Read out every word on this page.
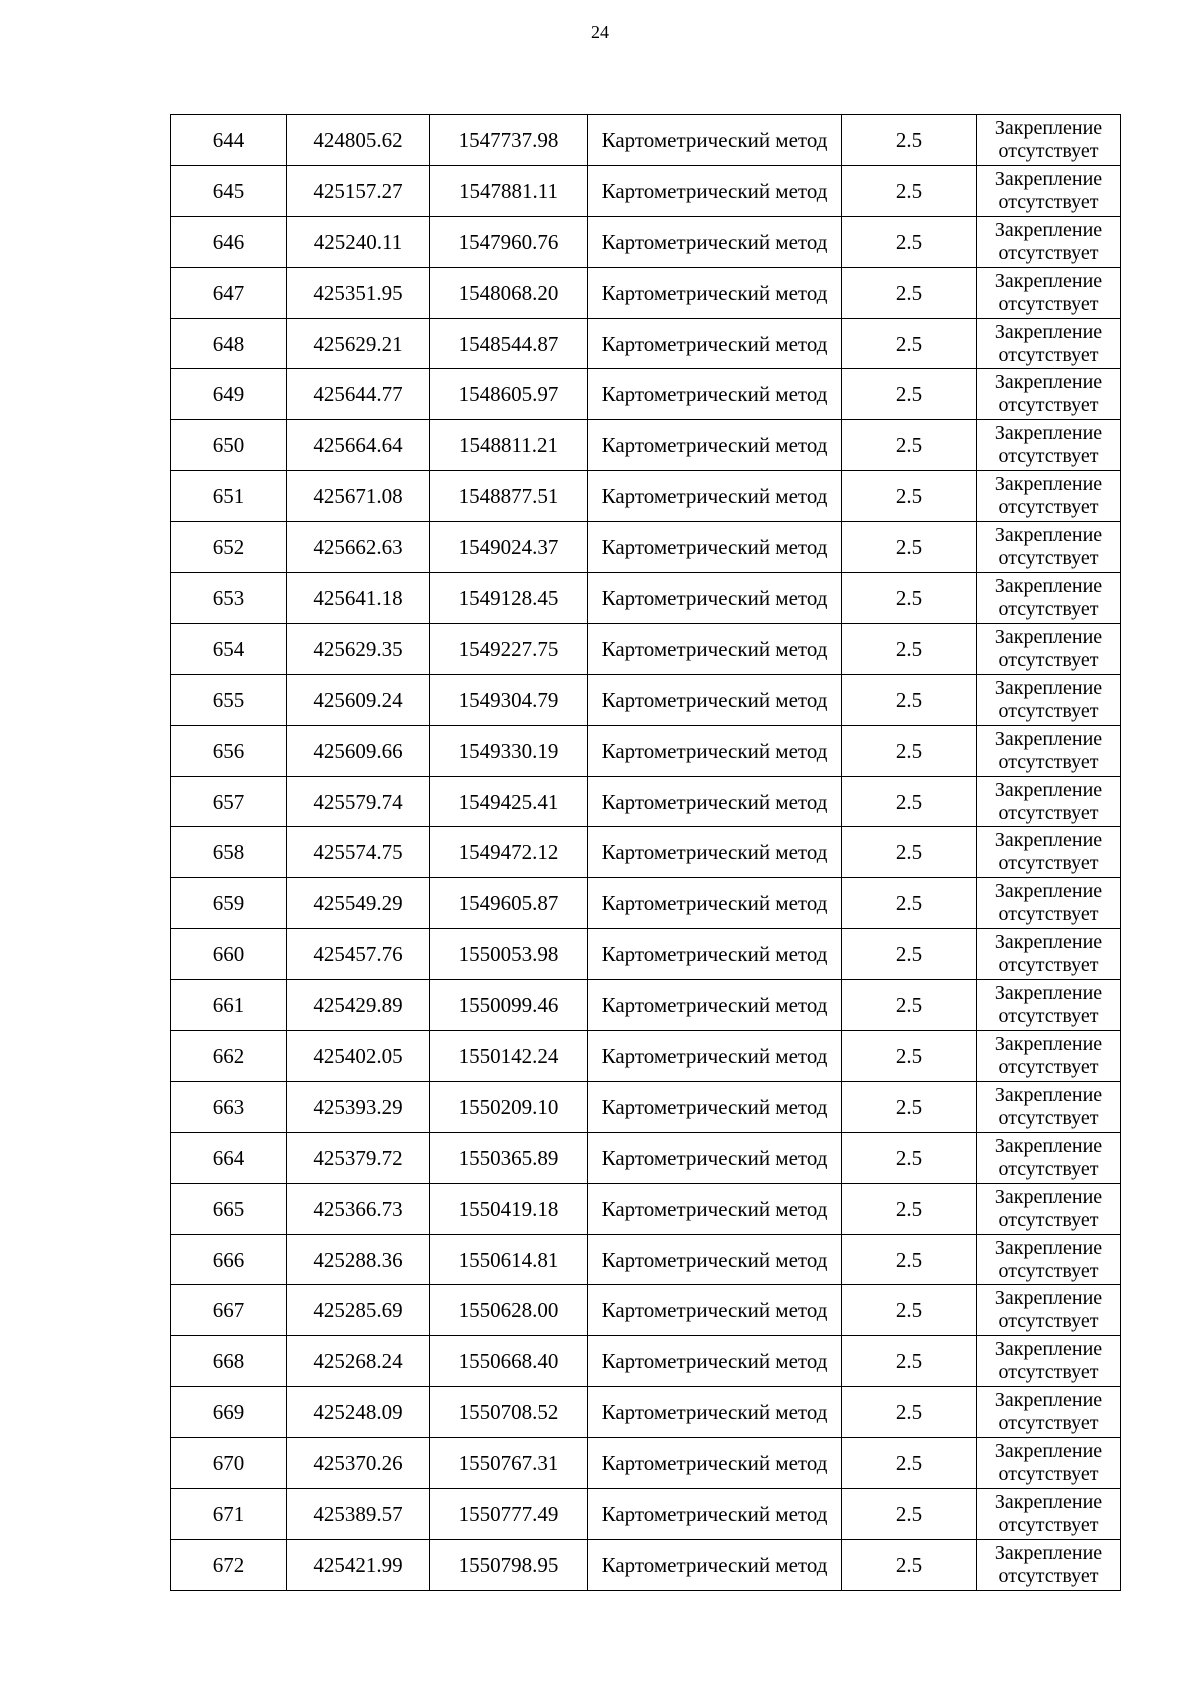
24
644	424805.62	1547737.98	Картометрический метод	2.5	Закрепление отсутствует
645	425157.27	1547881.11	Картометрический метод	2.5	Закрепление отсутствует
646	425240.11	1547960.76	Картометрический метод	2.5	Закрепление отсутствует
647	425351.95	1548068.20	Картометрический метод	2.5	Закрепление отсутствует
648	425629.21	1548544.87	Картометрический метод	2.5	Закрепление отсутствует
649	425644.77	1548605.97	Картометрический метод	2.5	Закрепление отсутствует
650	425664.64	1548811.21	Картометрический метод	2.5	Закрепление отсутствует
651	425671.08	1548877.51	Картометрический метод	2.5	Закрепление отсутствует
652	425662.63	1549024.37	Картометрический метод	2.5	Закрепление отсутствует
653	425641.18	1549128.45	Картометрический метод	2.5	Закрепление отсутствует
654	425629.35	1549227.75	Картометрический метод	2.5	Закрепление отсутствует
655	425609.24	1549304.79	Картометрический метод	2.5	Закрепление отсутствует
656	425609.66	1549330.19	Картометрический метод	2.5	Закрепление отсутствует
657	425579.74	1549425.41	Картометрический метод	2.5	Закрепление отсутствует
658	425574.75	1549472.12	Картометрический метод	2.5	Закрепление отсутствует
659	425549.29	1549605.87	Картометрический метод	2.5	Закрепление отсутствует
660	425457.76	1550053.98	Картометрический метод	2.5	Закрепление отсутствует
661	425429.89	1550099.46	Картометрический метод	2.5	Закрепление отсутствует
662	425402.05	1550142.24	Картометрический метод	2.5	Закрепление отсутствует
663	425393.29	1550209.10	Картометрический метод	2.5	Закрепление отсутствует
664	425379.72	1550365.89	Картометрический метод	2.5	Закрепление отсутствует
665	425366.73	1550419.18	Картометрический метод	2.5	Закрепление отсутствует
666	425288.36	1550614.81	Картометрический метод	2.5	Закрепление отсутствует
667	425285.69	1550628.00	Картометрический метод	2.5	Закрепление отсутствует
668	425268.24	1550668.40	Картометрический метод	2.5	Закрепление отсутствует
669	425248.09	1550708.52	Картометрический метод	2.5	Закрепление отсутствует
670	425370.26	1550767.31	Картометрический метод	2.5	Закрепление отсутствует
671	425389.57	1550777.49	Картометрический метод	2.5	Закрепление отсутствует
672	425421.99	1550798.95	Картометрический метод	2.5	Закрепление отсутствует
